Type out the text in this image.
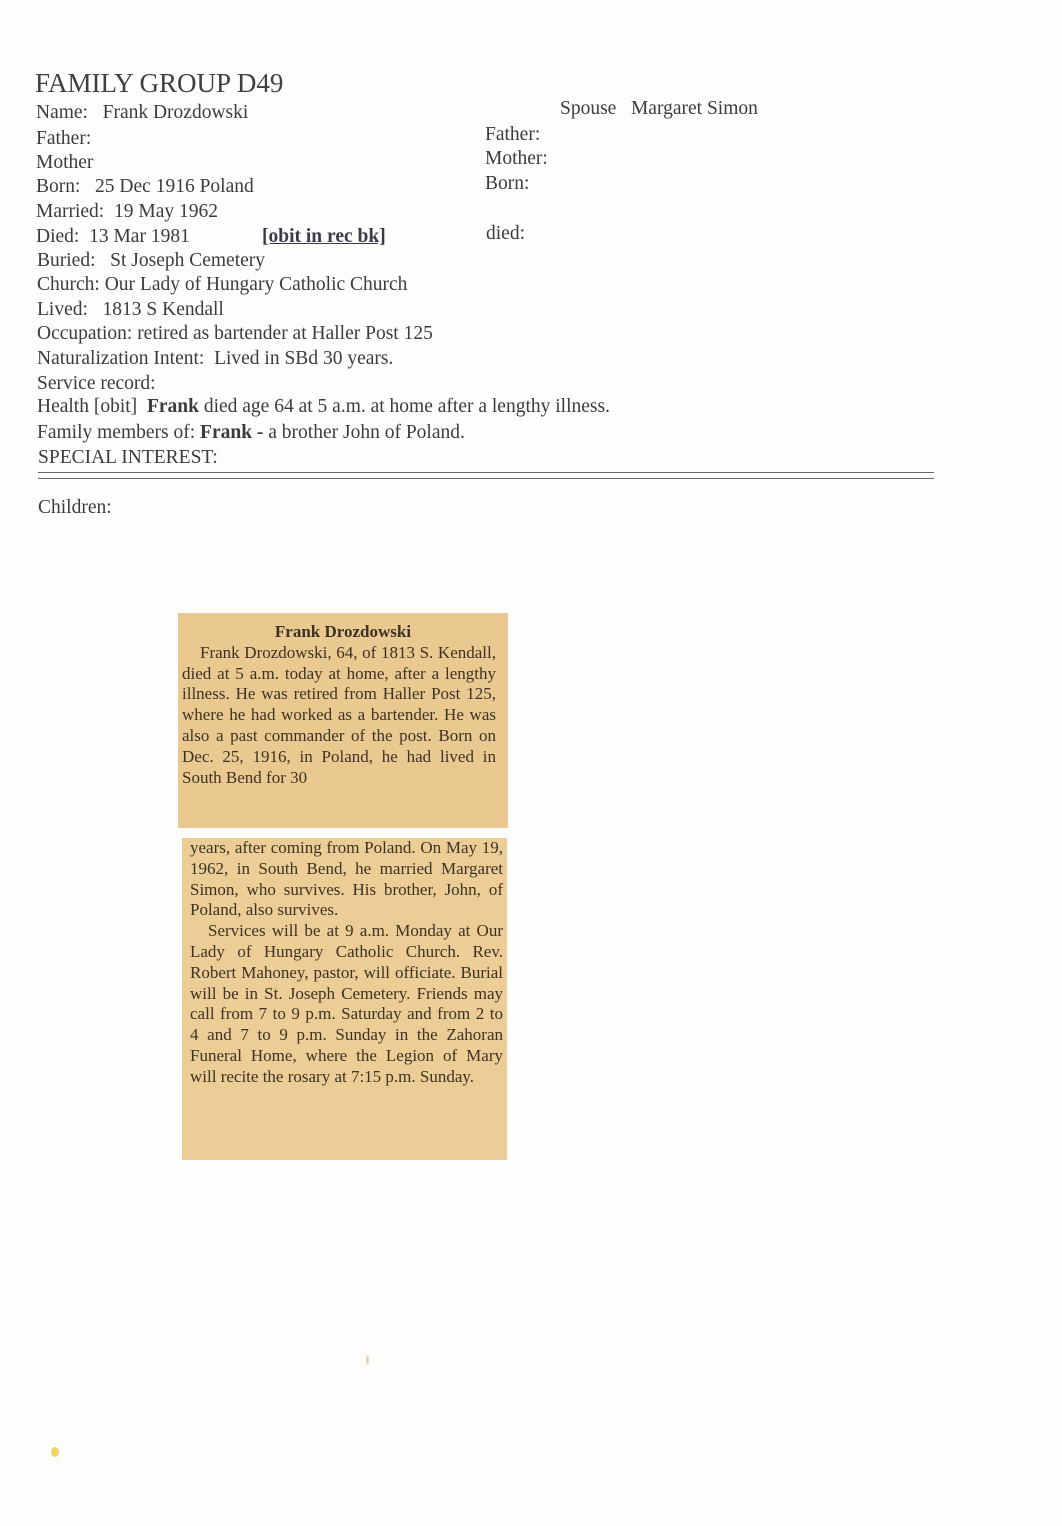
FAMILY GROUP D49
Name: Frank Drozdowski
Father:
Mother
Born: 25 Dec 1916 Poland
Married: 19 May 1962
Died: 13 Mar 1981	[obit in rec bk]
Buried: St Joseph Cemetery
Church: Our Lady of Hungary Catholic Church
Lived: 1813 S Kendall
Occupation: retired as bartender at Haller Post 125
Naturalization Intent: Lived in SBd 30 years.
Service record:
Health [obit] Frank died age 64 at 5 a.m. at home after a lengthy illness.
Family members of: Frank - a brother John of Poland.
SPECIAL INTEREST:
Spouse Margaret Simon
Father:
Mother:
Born:
died:
Children:
Frank Drozdowski

Frank Drozdowski, 64, of 1813 S. Kendall, died at 5 a.m. today at home, after a lengthy illness. He was retired from Haller Post 125, where he had worked as a bartender. He was also a past commander of the post. Born on Dec. 25, 1916, in Poland, he had lived in South Bend for 30

years, after coming from Poland. On May 19, 1962, in South Bend, he married Margaret Simon, who survives. His brother, John, of Poland, also survives.

Services will be at 9 a.m. Monday at Our Lady of Hungary Catholic Church. Rev. Robert Mahoney, pastor, will officiate. Burial will be in St. Joseph Cemetery. Friends may call from 7 to 9 p.m. Saturday and from 2 to 4 and 7 to 9 p.m. Sunday in the Zahoran Funeral Home, where the Legion of Mary will recite the rosary at 7:15 p.m. Sunday.
